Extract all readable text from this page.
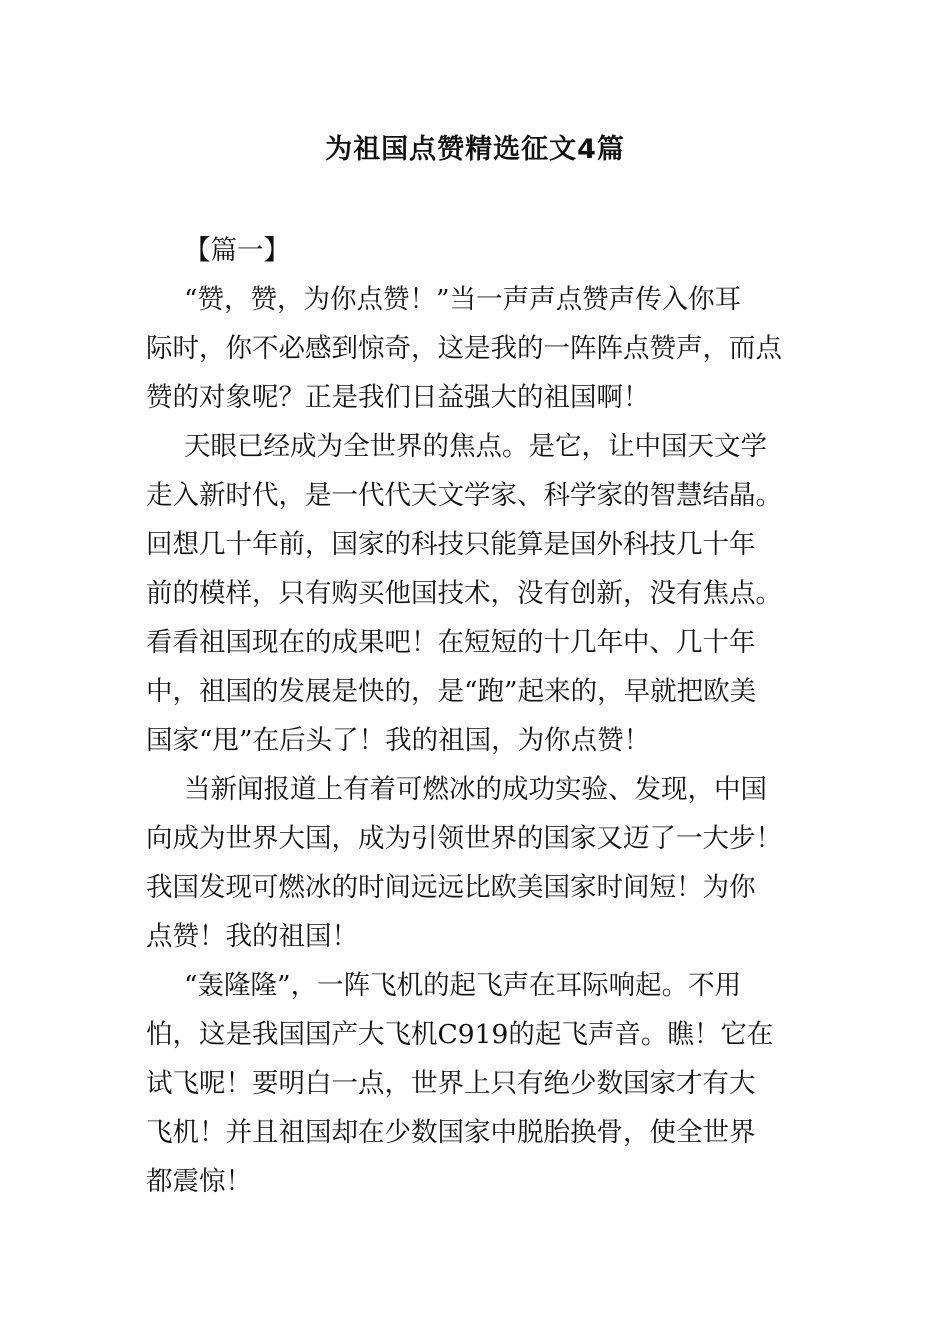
为祖国点赞精选征文4篇
【篇一】
“赞，赞，为你点赞！”当一声声点赞声传入你耳
际时，你不必感到惊奇，这是我的一阵阵点赞声，而点
赞的对象呢？正是我们日益强大的祖国啊！
天眼已经成为全世界的焦点。是它，让中国天文学
走入新时代，是一代代天文学家、科学家的智慧结晶。
回想几十年前，国家的科技只能算是国外科技几十年
前的模样，只有购买他国技术，没有创新，没有焦点。
看看祖国现在的成果吧！在短短的十几年中、几十年
中，祖国的发展是快的，是“跑”起来的，早就把欧美
国家“甩”在后头了！我的祖国，为你点赞！
当新闻报道上有着可燃冰的成功实验、发现，中国
向成为世界大国，成为引领世界的国家又迈了一大步！
我国发现可燃冰的时间远远比欧美国家时间短！为你
点赞！我的祖国！
“轰隆隆”，一阵飞机的起飞声在耳际响起。不用
怕，这是我国国产大飞机C919的起飞声音。瞧！它在
试飞呢！要明白一点，世界上只有绝少数国家才有大
飞机！并且祖国却在少数国家中脱胎换骨，使全世界
都震惊！
